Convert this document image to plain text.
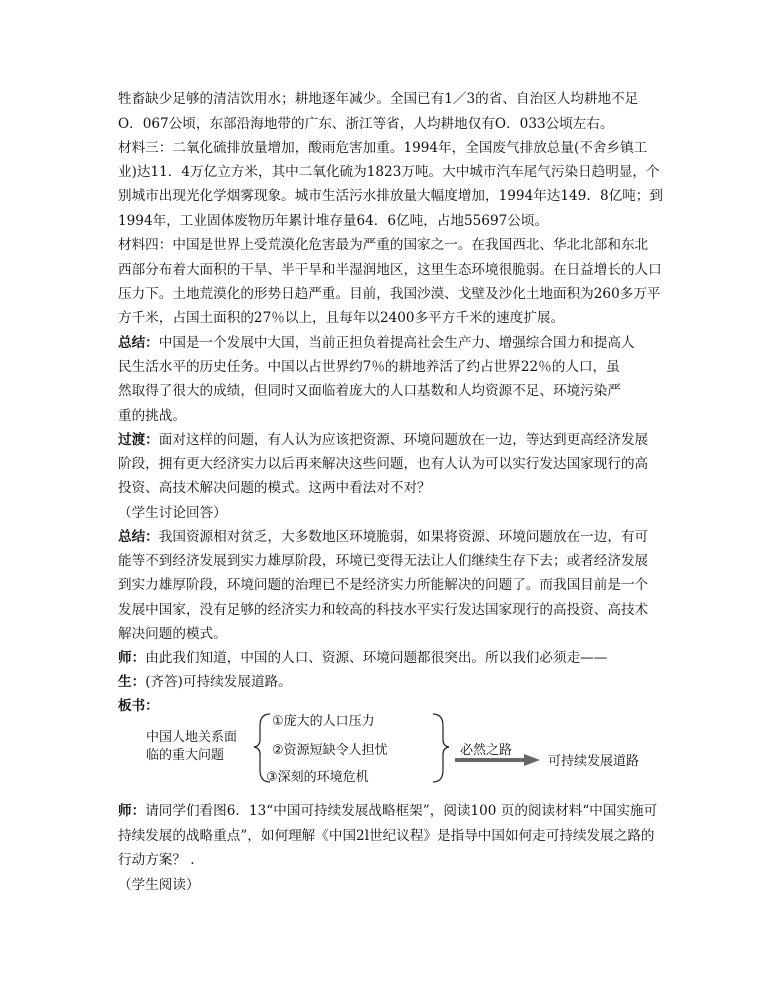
牲畜缺少足够的清洁饮用水；耕地逐年减少。全国已有1／3的省、自治区人均耕地不足
O．067公顷，东部沿海地带的广东、浙江等省，人均耕地仅有O．033公顷左右。
材料三：二氧化硫排放量增加，酸雨危害加重。1994年，全国废气排放总量(不舍乡镇工
业)达11．4万亿立方米，其中二氧化硫为1823万吨。大中城市汽车尾气污染日趋明显，个
别城市出现光化学烟雾现象。城市生活污水排放量大幅度增加，1994年达149．8亿吨；到
1994年，工业固体废物历年累计堆存量64．6亿吨，占地55697公顷。
材料四：中国是世界上受荒漠化危害最为严重的国家之一。在我国西北、华北北部和东北
西部分布着大面积的干旱、半干旱和半湿润地区，这里生态环境很脆弱。在日益增长的人口
压力下。土地荒漠化的形势日趋严重。目前，我国沙漠、戈壁及沙化土地面积为260多万平
方千米，占国土面积的27％以上，且每年以2400多平方千米的速度扩展。
总结：中国是一个发展中大国，当前正担负着提高社会生产力、增强综合国力和提高人
民生活水平的历史任务。中国以占世界约7％的耕地养活了约占世界22％的人口，虽
然取得了很大的成绩，但同时又面临着庞大的人口基数和人均资源不足、环境污染严
重的挑战。
过渡：面对这样的问题，有人认为应该把资源、环境问题放在一边，等达到更高经济发展
阶段，拥有更大经济实力以后再来解决这些问题，也有人认为可以实行发达国家现行的高
投资、高技术解决问题的模式。这两中看法对不对？
（学生讨论回答）
总结：我国资源相对贫乏，大多数地区环境脆弱，如果将资源、环境问题放在一边，有可
能等不到经济发展到实力雄厚阶段，环境已变得无法让人们继续生存下去；或者经济发展
到实力雄厚阶段，环境问题的治理已不是经济实力所能解决的问题了。而我国目前是一个
发展中国家，没有足够的经济实力和较高的科技水平实行发达国家现行的高投资、高技术
解决问题的模式。
师：由此我们知道，中国的人口、资源、环境问题都很突出。所以我们必须走——
生：(齐答)可持续发展道路。
板书：
师：请同学们看图6．13“中国可持续发展战略框架”，阅读100 页的阅读材料“中国实施可
持续发展的战略重点”，如何理解《中国2l世纪议程》是指导中国如何走可持续发展之路的
行动方案？ .
（学生阅读）
中国人地关系面
临的重大问题
①庞大的人口压力
②资源短缺令人担忧
③深刻的环境危机
必然之路
可持续发展道路
